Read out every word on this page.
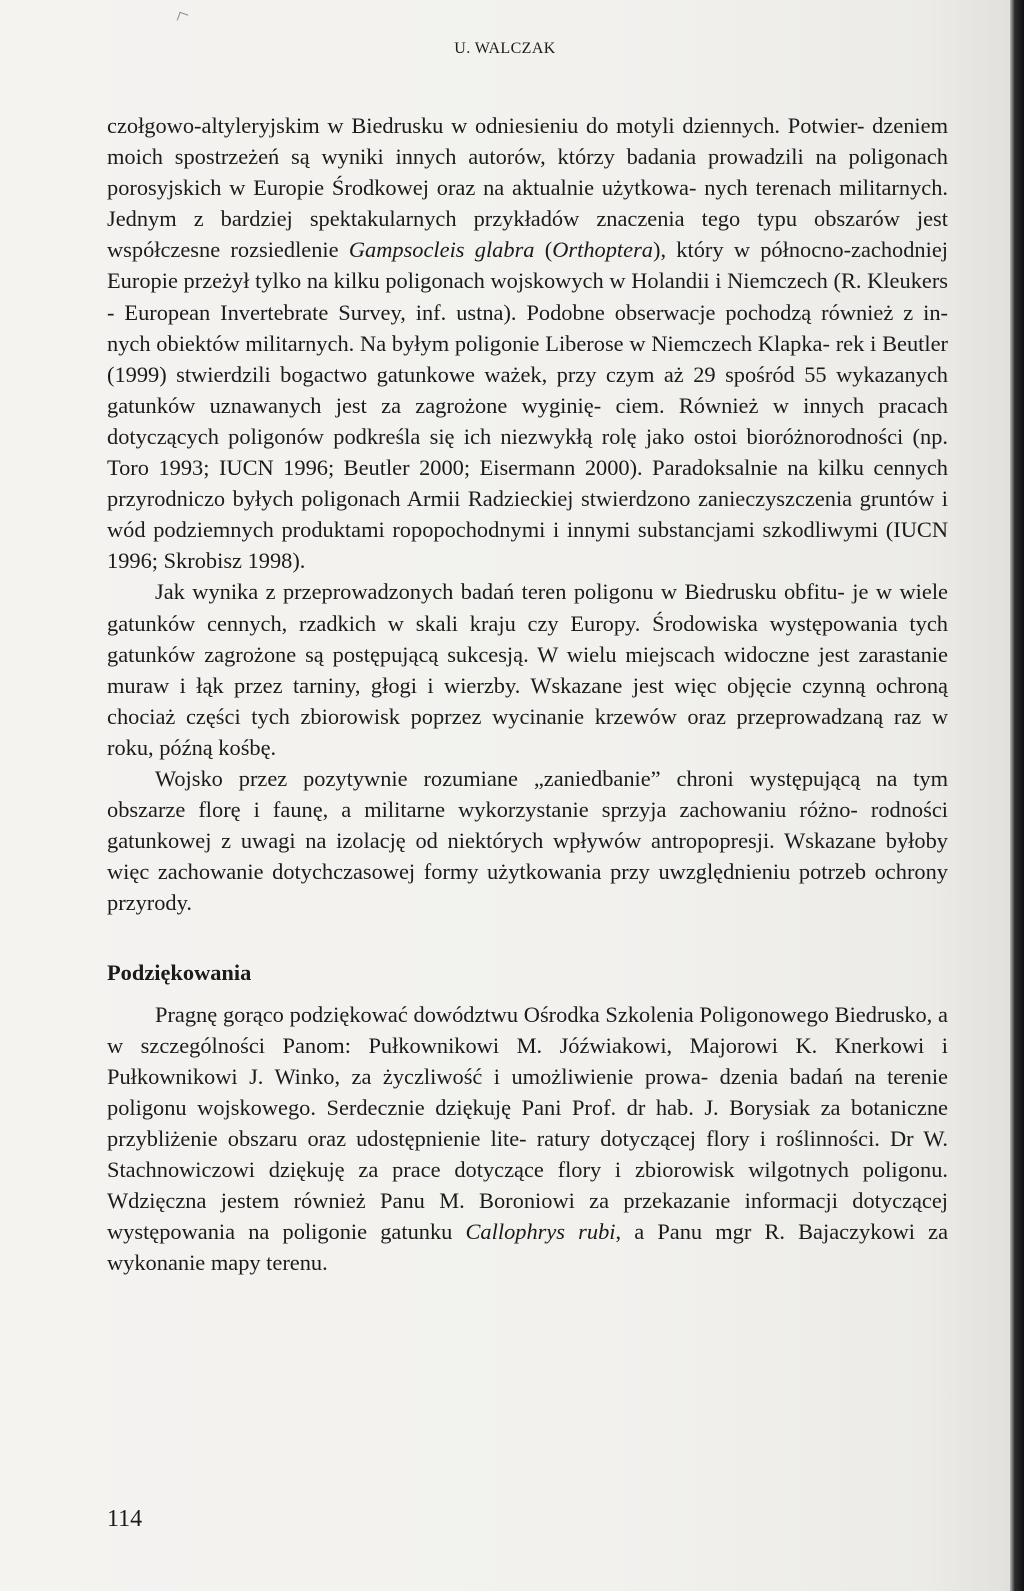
U. WALCZAK

czołgowo-altyleryjskim w Biedrusku w odniesieniu do motyli dziennych. Potwier- dzeniem moich spostrzeżeń są wyniki innych autorów, którzy badania prowadzili na poligonach porosyjskich w Europie Środkowej oraz na aktualnie użytkowa- nych terenach militarnych. Jednym z bardziej spektakularnych przykładów znaczenia tego typu obszarów jest współczesne rozsiedlenie Gampsocleis glabra (Orthoptera), który w północno-zachodniej Europie przeżył tylko na kilku poligonach wojskowych w Holandii i Niemczech (R. Kleukers - European Invertebrate Survey, inf. ustna). Podobne obserwacje pochodzą również z in- nych obiektów militarnych. Na byłym poligonie Liberose w Niemczech Klapka- rek i Beutler (1999) stwierdzili bogactwo gatunkowe ważek, przy czym aż 29 spośród 55 wykazanych gatunków uznawanych jest za zagrożone wyginię- ciem. Również w innych pracach dotyczących poligonów podkreśla się ich niezwykłą rolę jako ostoi bioróżnorodności (np. Toro 1993; IUCN 1996; Beutler 2000; Eisermann 2000). Paradoksalnie na kilku cennych przyrodniczo byłych poligonach Armii Radzieckiej stwierdzono zanieczyszczenia gruntów i wód podziemnych produktami ropopochodnymi i innymi substancjami szkodliwymi (IUCN 1996; Skrobisz 1998).

Jak wynika z przeprowadzonych badań teren poligonu w Biedrusku obfitu- je w wiele gatunków cennych, rzadkich w skali kraju czy Europy. Środowiska występowania tych gatunków zagrożone są postępującą sukcesją. W wielu miejscach widoczne jest zarastanie muraw i łąk przez tarniny, głogi i wierzby. Wskazane jest więc objęcie czynną ochroną chociaż części tych zbiorowisk poprzez wycinanie krzewów oraz przeprowadzaną raz w roku, późną kośbę.

Wojsko przez pozytywnie rozumiane „zaniedbanie” chroni występującą na tym obszarze florę i faunę, a militarne wykorzystanie sprzyja zachowaniu różno- rodności gatunkowej z uwagi na izolację od niektórych wpływów antropopresji. Wskazane byłoby więc zachowanie dotychczasowej formy użytkowania przy uwzględnieniu potrzeb ochrony przyrody.

Podziękowania

Pragnę gorąco podziękować dowództwu Ośrodka Szkolenia Poligonowego Biedrusko, a w szczególności Panom: Pułkownikowi M. Jóźwiakowi, Majorowi K. Knerkowi i Pułkownikowi J. Winko, za życzliwość i umożliwienie prowa- dzenia badań na terenie poligonu wojskowego. Serdecznie dziękuję Pani Prof. dr hab. J. Borysiak za botaniczne przybliżenie obszaru oraz udostępnienie lite- ratury dotyczącej flory i roślinności. Dr W. Stachnowiczowi dziękuję za prace dotyczące flory i zbiorowisk wilgotnych poligonu. Wdzięczna jestem również Panu M. Boroniowi za przekazanie informacji dotyczącej występowania na poligonie gatunku Callophrys rubi, a Panu mgr R. Bajaczykowi za wykonanie mapy terenu.

114
